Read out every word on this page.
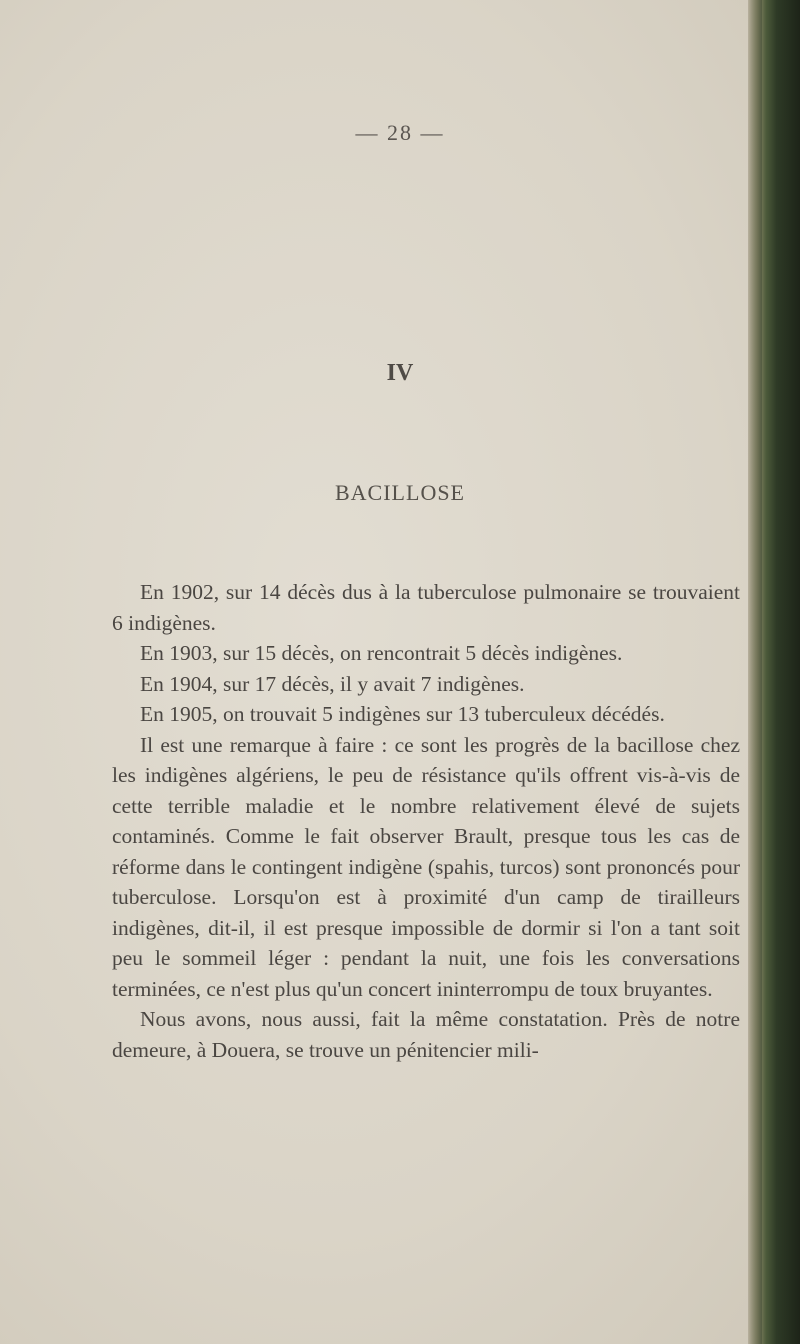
— 28 —
IV
BACILLOSE

En 1902, sur 14 décès dus à la tuberculose pulmonaire se trouvaient 6 indigènes.

En 1903, sur 15 décès, on rencontrait 5 décès indigènes.

En 1904, sur 17 décès, il y avait 7 indigènes.

En 1905, on trouvait 5 indigènes sur 13 tuberculeux décédés.

Il est une remarque à faire : ce sont les progrès de la bacillose chez les indigènes algériens, le peu de résistance qu'ils offrent vis-à-vis de cette terrible maladie et le nombre relativement élevé de sujets contaminés. Comme le fait observer Brault, presque tous les cas de réforme dans le contingent indigène (spahis, turcos) sont prononcés pour tuberculose. Lorsqu'on est à proximité d'un camp de tirailleurs indigènes, dit-il, il est presque impossible de dormir si l'on a tant soit peu le sommeil léger : pendant la nuit, une fois les conversations terminées, ce n'est plus qu'un concert ininterrompu de toux bruyantes.

Nous avons, nous aussi, fait la même constatation. Près de notre demeure, à Douera, se trouve un pénitencier mili-
